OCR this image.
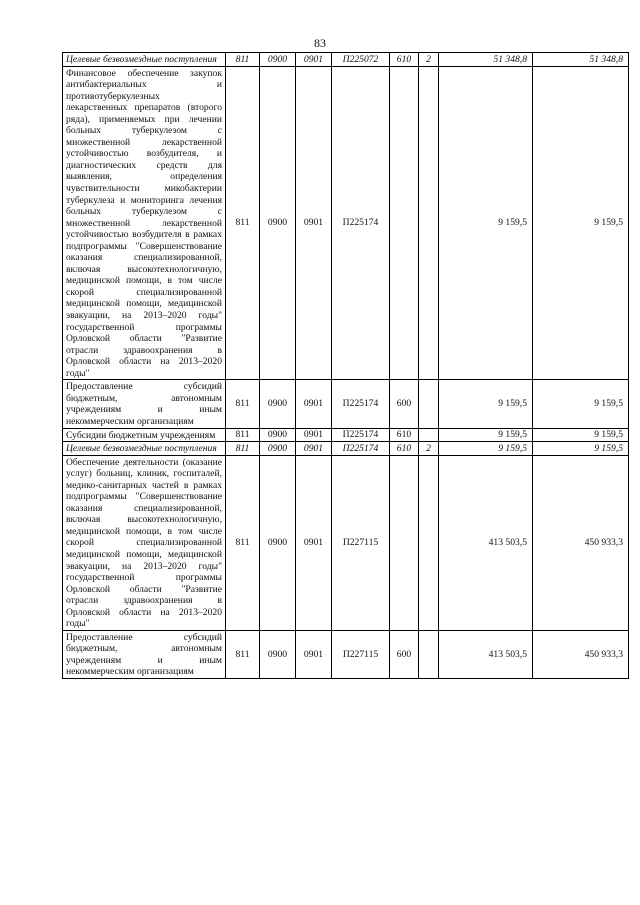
83
Целевые безвозмездные поступления	811	0900	0901	П225072	610	2	51 348,8	51 348,8
Финансовое обеспечение закупок антибактериальных и противотуберкулезных лекарственных препаратов (второго ряда), применяемых при лечении больных туберкулезом с множественной лекарственной устойчивостью возбудителя, и диагностических средств для выявления, определения чувствительности микобактерии туберкулеза и мониторинга лечения больных туберкулезом с множественной лекарственной устойчивостью возбудителя в рамках подпрограммы "Совершенствование оказания специализированной, включая высокотехнологичную, медицинской помощи, в том числе скорой специализированной медицинской помощи, медицинской эвакуации, на 2013–2020 годы" государственной программы Орловской области "Развитие отрасли здравоохранения в Орловской области на 2013–2020 годы"	811	0900	0901	П225174			9 159,5	9 159,5
Предоставление субсидий бюджетным, автономным учреждениям и иным некоммерческим организациям	811	0900	0901	П225174	600		9 159,5	9 159,5
Субсидии бюджетным учреждениям	811	0900	0901	П225174	610		9 159,5	9 159,5
Целевые безвозмездные поступления	811	0900	0901	П225174	610	2	9 159,5	9 159,5
Обеспечение деятельности (оказание услуг) больниц, клиник, госпиталей, медико-санитарных частей в рамках подпрограммы "Совершенствование оказания специализированной, включая высокотехнологичную, медицинской помощи, в том числе скорой специализированной медицинской помощи, медицинской эвакуации, на 2013–2020 годы" государственной программы Орловской области "Развитие отрасли здравоохранения в Орловской области на 2013–2020 годы"	811	0900	0901	П227115			413 503,5	450 933,3
Предоставление субсидий бюджетным, автономным учреждениям и иным некоммерческим организациям	811	0900	0901	П227115	600		413 503,5	450 933,3
